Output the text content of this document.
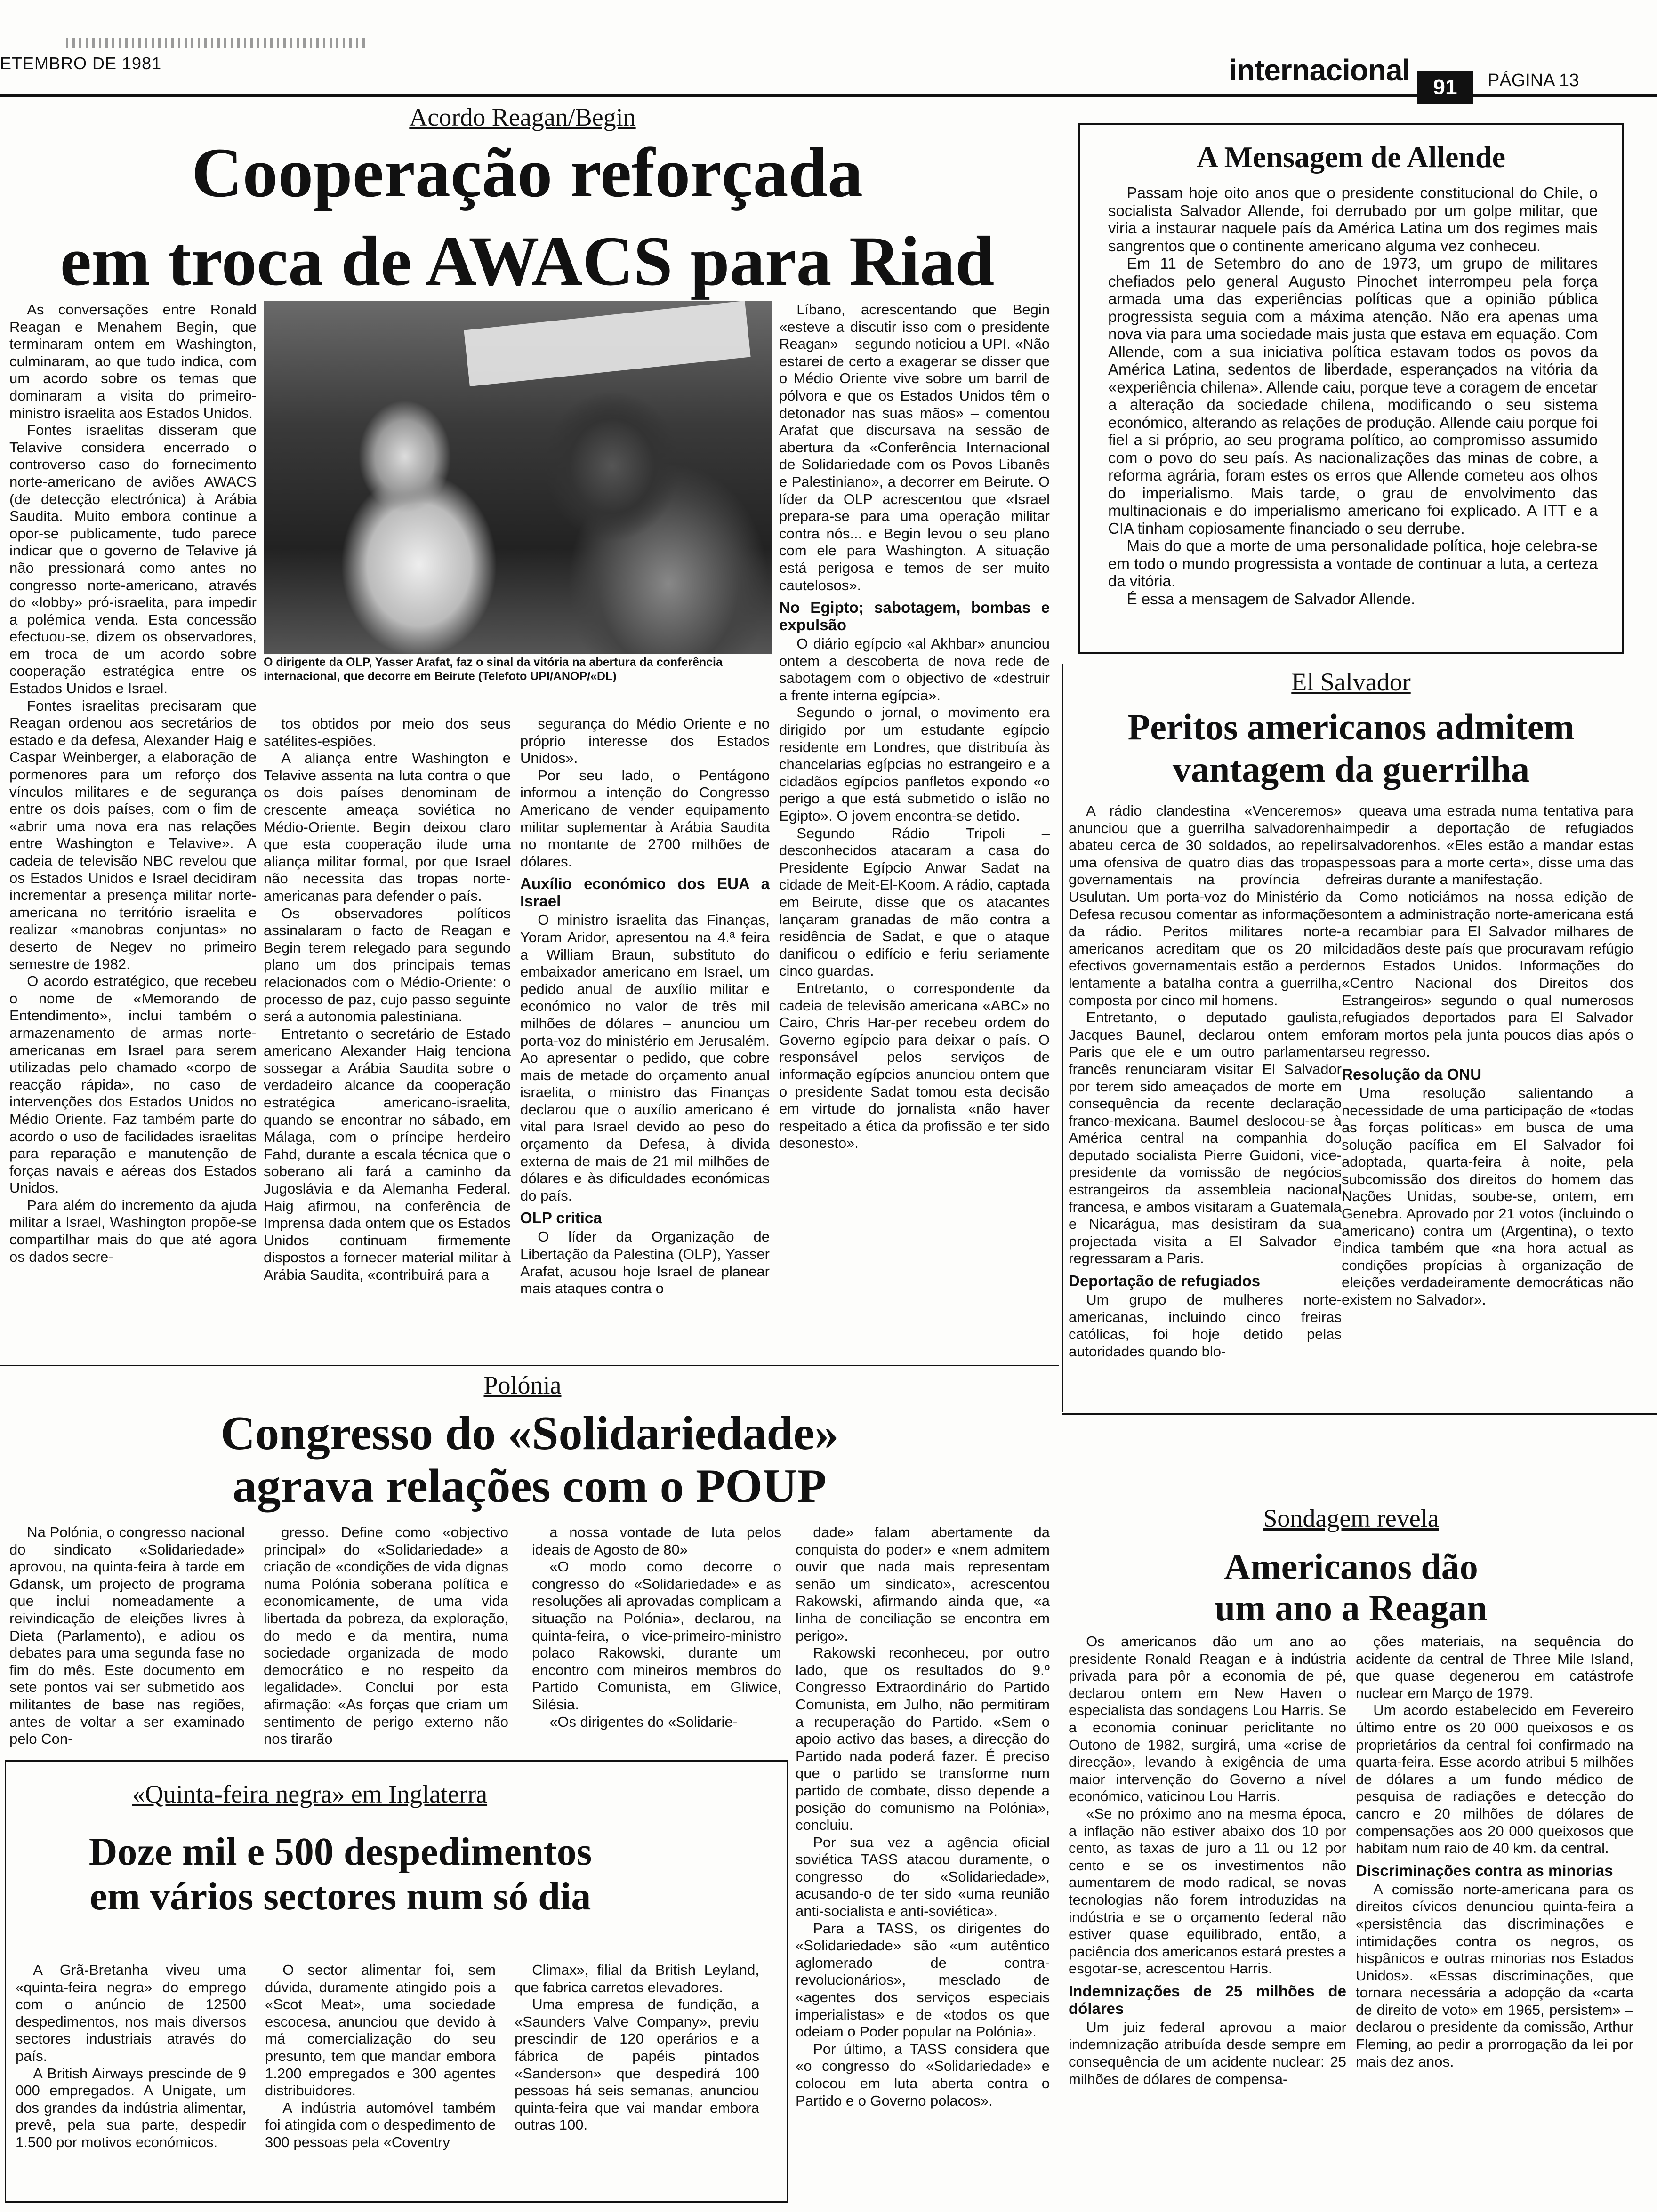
ETEMBRO DE 1981	internacional	91	PÁGINA 13
Acordo Reagan/Begin
Cooperação reforçada
em troca de AWACS para Riad

As conversações entre Ronald Reagan e Menahem Begin, que terminaram ontem em Washington, culminaram, ao que tudo indica, com um acordo sobre os temas que dominaram a visita do primeiro-ministro israelita aos Estados Unidos.

Fontes israelitas disseram que Telavive considera encerrado o controverso caso do fornecimento norte-americano de aviões AWACS (de detecção electrónica) à Arábia Saudita. Muito embora continue a opor-se publicamente, tudo parece indicar que o governo de Telavive já não pressionará como antes no congresso norte-americano, através do «lobby» pró-israelita, para impedir a polémica venda. Esta concessão efectuou-se, dizem os observadores, em troca de um acordo sobre cooperação estratégica entre os Estados Unidos e Israel.

Fontes israelitas precisaram que Reagan ordenou aos secretários de estado e da defesa, Alexander Haig e Caspar Weinberger, a elaboração de pormenores para um reforço dos vínculos militares e de segurança entre os dois países, com o fim de «abrir uma nova era nas relações entre Washington e Telavive». A cadeia de televisão NBC revelou que os Estados Unidos e Israel decidiram incrementar a presença militar norte-americana no território israelita e realizar «manobras conjuntas» no deserto de Negev no primeiro semestre de 1982.

O acordo estratégico, que recebeu o nome de «Memorando de Entendimento», inclui também o armazenamento de armas norte-americanas em Israel para serem utilizadas pelo chamado «corpo de reacção rápida», no caso de intervenções dos Estados Unidos no Médio Oriente. Faz também parte do acordo o uso de facilidades israelitas para reparação e manutenção de forças navais e aéreas dos Estados Unidos.

Para além do incremento da ajuda militar a Israel, Washington propõe-se compartilhar mais do que até agora os dados secre-

O dirigente da OLP, Yasser Arafat, faz o sinal da vitória na abertura da conferência internacional, que decorre em Beirute (Telefoto UPI/ANOP/«DL)

tos obtidos por meio dos seus satélites-espiões.

A aliança entre Washington e Telavive assenta na luta contra o que os dois países denominam de crescente ameaça soviética no Médio-Oriente. Begin deixou claro que esta cooperação ilude uma aliança militar formal, por que Israel não necessita das tropas norte-americanas para defender o país.

Os observadores políticos assinalaram o facto de Reagan e Begin terem relegado para segundo plano um dos principais temas relacionados com o Médio-Oriente: o processo de paz, cujo passo seguinte será a autonomia palestiniana.

Entretanto o secretário de Estado americano Alexander Haig tenciona sossegar a Arábia Saudita sobre o verdadeiro alcance da cooperação estratégica americano-israelita, quando se encontrar no sábado, em Málaga, com o príncipe herdeiro Fahd, durante a escala técnica que o soberano ali fará a caminho da Jugoslávia e da Alemanha Federal. Haig afirmou, na conferência de Imprensa dada ontem que os Estados Unidos continuam firmemente dispostos a fornecer material militar à Arábia Saudita, «contribuirá para a

segurança do Médio Oriente e no próprio interesse dos Estados Unidos».

Por seu lado, o Pentágono informou a intenção do Congresso Americano de vender equipamento militar suplementar à Arábia Saudita no montante de 2700 milhões de dólares.

Auxílio económico dos EUA a Israel

O ministro israelita das Finanças, Yoram Aridor, apresentou na 4.ª feira a William Braun, substituto do embaixador americano em Israel, um pedido anual de auxílio militar e económico no valor de três mil milhões de dólares – anunciou um porta-voz do ministério em Jerusalém. Ao apresentar o pedido, que cobre mais de metade do orçamento anual israelita, o ministro das Finanças declarou que o auxílio americano é vital para Israel devido ao peso do orçamento da Defesa, à divida externa de mais de 21 mil milhões de dólares e às dificuldades económicas do país.

OLP critica

O líder da Organização de Libertação da Palestina (OLP), Yasser Arafat, acusou hoje Israel de planear mais ataques contra o

Líbano, acrescentando que Begin «esteve a discutir isso com o presidente Reagan» – segundo noticiou a UPI. «Não estarei de certo a exagerar se disser que o Médio Oriente vive sobre um barril de pólvora e que os Estados Unidos têm o detonador nas suas mãos» – comentou Arafat que discursava na sessão de abertura da «Conferência Internacional de Solidariedade com os Povos Libanês e Palestiniano», a decorrer em Beirute. O líder da OLP acrescentou que «Israel prepara-se para uma operação militar contra nós... e Begin levou o seu plano com ele para Washington. A situação está perigosa e temos de ser muito cautelosos».

No Egipto; sabotagem, bombas e expulsão

O diário egípcio «al Akhbar» anunciou ontem a descoberta de nova rede de sabotagem com o objectivo de «destruir a frente interna egípcia».

Segundo o jornal, o movimento era dirigido por um estudante egípcio residente em Londres, que distribuía às chancelarias egípcias no estrangeiro e a cidadãos egípcios panfletos expondo «o perigo a que está submetido o islão no Egipto». O jovem encontra-se detido.

Segundo Rádio Tripoli – desconhecidos atacaram a casa do Presidente Egípcio Anwar Sadat na cidade de Meit-El-Koom. A rádio, captada em Beirute, disse que os atacantes lançaram granadas de mão contra a residência de Sadat, e que o ataque danificou o edifício e feriu seriamente cinco guardas.

Entretanto, o correspondente da cadeia de televisão americana «ABC» no Cairo, Chris Har-per recebeu ordem do Governo egípcio para deixar o país. O responsável pelos serviços de informação egípcios anunciou ontem que o presidente Sadat tomou esta decisão em virtude do jornalista «não haver respeitado a ética da profissão e ter sido desonesto».

A Mensagem de Allende

Passam hoje oito anos que o presidente constitucional do Chile, o socialista Salvador Allende, foi derrubado por um golpe militar, que viria a instaurar naquele país da América Latina um dos regimes mais sangrentos que o continente americano alguma vez conheceu.

Em 11 de Setembro do ano de 1973, um grupo de militares chefiados pelo general Augusto Pinochet interrompeu pela força armada uma das experiências políticas que a opinião pública progressista seguia com a máxima atenção. Não era apenas uma nova via para uma sociedade mais justa que estava em equação. Com Allende, com a sua iniciativa política estavam todos os povos da América Latina, sedentos de liberdade, esperançados na vitória da «experiência chilena». Allende caiu, porque teve a coragem de encetar a alteração da sociedade chilena, modificando o seu sistema económico, alterando as relações de produção. Allende caiu porque foi fiel a si próprio, ao seu programa político, ao compromisso assumido com o povo do seu país. As nacionalizações das minas de cobre, a reforma agrária, foram estes os erros que Allende cometeu aos olhos do imperialismo. Mais tarde, o grau de envolvimento das multinacionais e do imperialismo americano foi explicado. A ITT e a CIA tinham copiosamente financiado o seu derrube.

Mais do que a morte de uma personalidade política, hoje celebra-se em todo o mundo progressista a vontade de continuar a luta, a certeza da vitória.

É essa a mensagem de Salvador Allende.

El Salvador
Peritos americanos admitem
vantagem da guerrilha

A rádio clandestina «Venceremos» anunciou que a guerrilha salvadorenha abateu cerca de 30 soldados, ao repelir uma ofensiva de quatro dias das tropas governamentais na província de Usulutan. Um porta-voz do Ministério da Defesa recusou comentar as informações da rádio. Peritos militares norte-americanos acreditam que os 20 mil efectivos governamentais estão a perder lentamente a batalha contra a guerrilha, composta por cinco mil homens.

Entretanto, o deputado gaulista, Jacques Baunel, declarou ontem em Paris que ele e um outro parlamentar francês renunciaram visitar El Salvador por terem sido ameaçados de morte em consequência da recente declaração franco-mexicana. Baumel deslocou-se à América central na companhia do deputado socialista Pierre Guidoni, vice-presidente da vomissão de negócios estrangeiros da assembleia nacional francesa, e ambos visitaram a Guatemala e Nicarágua, mas desistiram da sua projectada visita a El Salvador e regressaram a Paris.

Deportação de refugiados

Um grupo de mulheres norte-americanas, incluindo cinco freiras católicas, foi hoje detido pelas autoridades quando blo-

queava uma estrada numa tentativa para impedir a deportação de refugiados salvadorenhos. «Eles estão a mandar estas pessoas para a morte certa», disse uma das freiras durante a manifestação.

Como noticiámos na nossa edição de ontem a administração norte-americana está a recambiar para El Salvador milhares de cidadãos deste país que procuravam refúgio nos Estados Unidos. Informações do «Centro Nacional dos Direitos dos Estrangeiros» segundo o qual numerosos refugiados deportados para El Salvador foram mortos pela junta poucos dias após o seu regresso.

Resolução da ONU

Uma resolução salientando a necessidade de uma participação de «todas as forças políticas» em busca de uma solução pacífica em El Salvador foi adoptada, quarta-feira à noite, pela subcomissão dos direitos do homem das Nações Unidas, soube-se, ontem, em Genebra. Aprovado por 21 votos (incluindo o americano) contra um (Argentina), o texto indica também que «na hora actual as condições propícias à organização de eleições verdadeiramente democráticas não existem no Salvador».

Polónia
Congresso do «Solidariedade»
agrava relações com o POUP

Na Polónia, o congresso nacional do sindicato «Solidariedade» aprovou, na quinta-feira à tarde em Gdansk, um projecto de programa que inclui nomeadamente a reivindicação de eleições livres à Dieta (Parlamento), e adiou os debates para uma segunda fase no fim do mês. Este documento em sete pontos vai ser submetido aos militantes de base nas regiões, antes de voltar a ser examinado pelo Con-

gresso. Define como «objectivo principal» do «Solidariedade» a criação de «condições de vida dignas numa Polónia soberana política e economicamente, de uma vida libertada da pobreza, da exploração, do medo e da mentira, numa sociedade organizada de modo democrático e no respeito da legalidade». Conclui por esta afirmação: «As forças que criam um sentimento de perigo externo não nos tirarão

a nossa vontade de luta pelos ideais de Agosto de 80»

«O modo como decorre o congresso do «Solidariedade» e as resoluções ali aprovadas complicam a situação na Polónia», declarou, na quinta-feira, o vice-primeiro-ministro polaco Rakowski, durante um encontro com mineiros membros do Partido Comunista, em Gliwice, Silésia.

«Os dirigentes do «Solidarie-

dade» falam abertamente da conquista do poder» e «nem admitem ouvir que nada mais representam senão um sindicato», acrescentou Rakowski, afirmando ainda que, «a linha de conciliação se encontra em perigo».

Rakowski reconheceu, por outro lado, que os resultados do 9.º Congresso Extraordinário do Partido Comunista, em Julho, não permitiram a recuperação do Partido. «Sem o apoio activo das bases, a direcção do Partido nada poderá fazer. É preciso que o partido se transforme num partido de combate, disso depende a posição do comunismo na Polónia», concluiu.

Por sua vez a agência oficial soviética TASS atacou duramente, o congresso do «Solidariedade», acusando-o de ter sido «uma reunião anti-socialista e anti-soviética».

Para a TASS, os dirigentes do «Solidariedade» são «um autêntico aglomerado de contra-revolucionários», mesclado de «agentes dos serviços especiais imperialistas» e de «todos os que odeiam o Poder popular na Polónia».

Por último, a TASS considera que «o congresso do «Solidariedade» e colocou em luta aberta contra o Partido e o Governo polacos».

«Quinta-feira negra» em Inglaterra
Doze mil e 500 despedimentos
em vários sectores num só dia

A Grã-Bretanha viveu uma «quinta-feira negra» do emprego com o anúncio de 12500 despedimentos, nos mais diversos sectores industriais através do país.

A British Airways prescinde de 9 000 empregados. A Unigate, um dos grandes da indústria alimentar, prevê, pela sua parte, despedir 1.500 por motivos económicos.

O sector alimentar foi, sem dúvida, duramente atingido pois a «Scot Meat», uma sociedade escocesa, anunciou que devido à má comercialização do seu presunto, tem que mandar embora 1.200 empregados e 300 agentes distribuidores.

A indústria automóvel também foi atingida com o despedimento de 300 pessoas pela «Coventry

Climax», filial da British Leyland, que fabrica carretos elevadores.

Uma empresa de fundição, a «Saunders Valve Company», previu prescindir de 120 operários e a fábrica de papéis pintados «Sanderson» que despedirá 100 pessoas há seis semanas, anunciou quinta-feira que vai mandar embora outras 100.

Sondagem revela
Americanos dão
um ano a Reagan

Os americanos dão um ano ao presidente Ronald Reagan e à indústria privada para pôr a economia de pé, declarou ontem em New Haven o especialista das sondagens Lou Harris. Se a economia coninuar periclitante no Outono de 1982, surgirá, uma «crise de direcção», levando à exigência de uma maior intervenção do Governo a nível económico, vaticinou Lou Harris.

«Se no próximo ano na mesma época, a inflação não estiver abaixo dos 10 por cento, as taxas de juro a 11 ou 12 por cento e se os investimentos não aumentarem de modo radical, se novas tecnologias não forem introduzidas na indústria e se o orçamento federal não estiver quase equilibrado, então, a paciência dos americanos estará prestes a esgotar-se, acrescentou Harris.

Indemnizações de 25 milhões de dólares

Um juiz federal aprovou a maior indemnização atribuída desde sempre em consequência de um acidente nuclear: 25 milhões de dólares de compensa-

ções materiais, na sequência do acidente da central de Three Mile Island, que quase degenerou em catástrofe nuclear em Março de 1979.

Um acordo estabelecido em Fevereiro último entre os 20 000 queixosos e os proprietários da central foi confirmado na quarta-feira. Esse acordo atribui 5 milhões de dólares a um fundo médico de pesquisa de radiações e detecção do cancro e 20 milhões de dólares de compensações aos 20 000 queixosos que habitam num raio de 40 km. da central.

Discriminações contra as minorias

A comissão norte-americana para os direitos cívicos denunciou quinta-feira a «persistência das discriminações e intimidações contra os negros, os hispânicos e outras minorias nos Estados Unidos». «Essas discriminações, que tornara necessária a adopção da «carta de direito de voto» em 1965, persistem» – declarou o presidente da comissão, Arthur Fleming, ao pedir a prorrogação da lei por mais dez anos.
